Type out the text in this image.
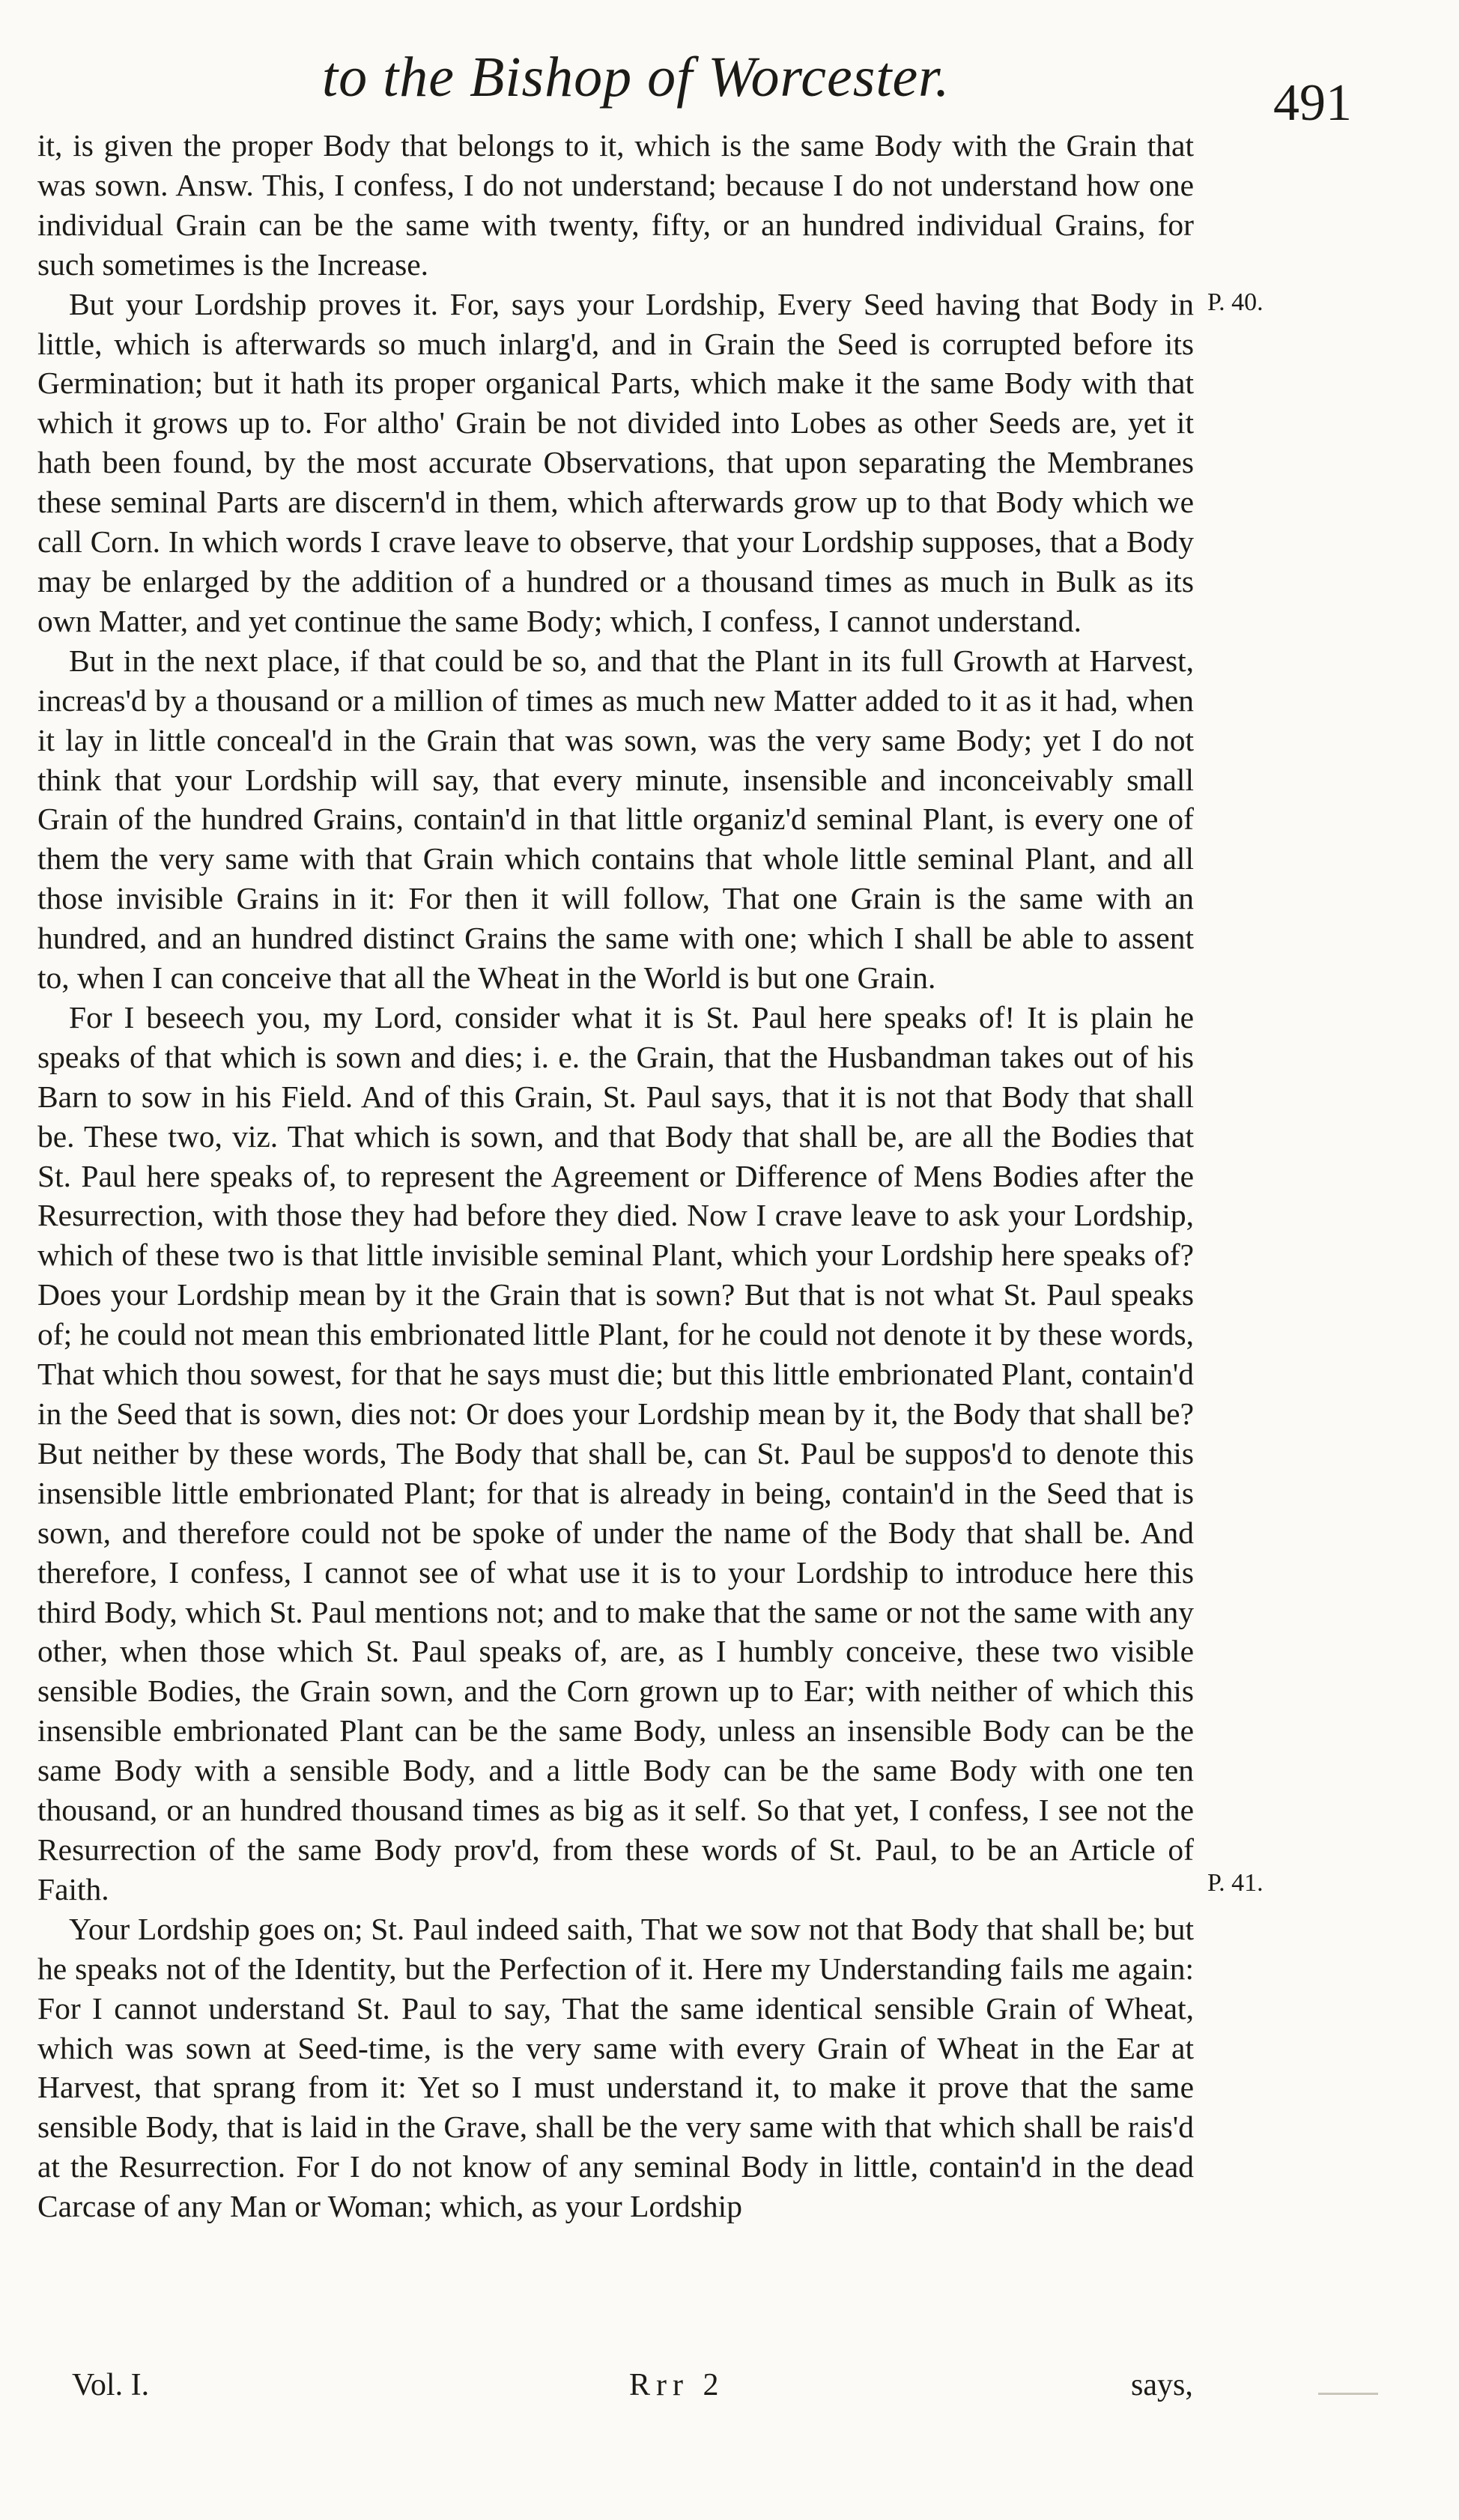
to the Bishop of Worcester.	491
P. 40.
P. 41.

it, is given the proper Body that belongs to it, which is the same Body with the Grain that was sown. Answ. This, I confess, I do not understand; because I do not understand how one individual Grain can be the same with twenty, fifty, or an hundred individual Grains, for such sometimes is the Increase.

But your Lordship proves it. For, says your Lordship, Every Seed having that Body in little, which is afterwards so much inlarg'd, and in Grain the Seed is corrupted before its Germination; but it hath its proper organical Parts, which make it the same Body with that which it grows up to. For altho' Grain be not divided into Lobes as other Seeds are, yet it hath been found, by the most accurate Observations, that upon separating the Membranes these seminal Parts are discern'd in them, which afterwards grow up to that Body which we call Corn. In which words I crave leave to observe, that your Lordship supposes, that a Body may be enlarged by the addition of a hundred or a thousand times as much in Bulk as its own Matter, and yet continue the same Body; which, I confess, I cannot understand.

But in the next place, if that could be so, and that the Plant in its full Growth at Harvest, increas'd by a thousand or a million of times as much new Matter added to it as it had, when it lay in little conceal'd in the Grain that was sown, was the very same Body; yet I do not think that your Lordship will say, that every minute, insensible and inconceivably small Grain of the hundred Grains, contain'd in that little organiz'd seminal Plant, is every one of them the very same with that Grain which contains that whole little seminal Plant, and all those invisible Grains in it: For then it will follow, That one Grain is the same with an hundred, and an hundred distinct Grains the same with one; which I shall be able to assent to, when I can conceive that all the Wheat in the World is but one Grain.

For I beseech you, my Lord, consider what it is St. Paul here speaks of! It is plain he speaks of that which is sown and dies; i. e. the Grain, that the Husbandman takes out of his Barn to sow in his Field. And of this Grain, St. Paul says, that it is not that Body that shall be. These two, viz. That which is sown, and that Body that shall be, are all the Bodies that St. Paul here speaks of, to represent the Agreement or Difference of Mens Bodies after the Resurrection, with those they had before they died. Now I crave leave to ask your Lordship, which of these two is that little invisible seminal Plant, which your Lordship here speaks of? Does your Lordship mean by it the Grain that is sown? But that is not what St. Paul speaks of; he could not mean this embrionated little Plant, for he could not denote it by these words, That which thou sowest, for that he says must die; but this little embrionated Plant, contain'd in the Seed that is sown, dies not: Or does your Lordship mean by it, the Body that shall be? But neither by these words, The Body that shall be, can St. Paul be suppos'd to denote this insensible little embrionated Plant; for that is already in being, contain'd in the Seed that is sown, and therefore could not be spoke of under the name of the Body that shall be. And therefore, I confess, I cannot see of what use it is to your Lordship to introduce here this third Body, which St. Paul mentions not; and to make that the same or not the same with any other, when those which St. Paul speaks of, are, as I humbly conceive, these two visible sensible Bodies, the Grain sown, and the Corn grown up to Ear; with neither of which this insensible embrionated Plant can be the same Body, unless an insensible Body can be the same Body with a sensible Body, and a little Body can be the same Body with one ten thousand, or an hundred thousand times as big as it self. So that yet, I confess, I see not the Resurrection of the same Body prov'd, from these words of St. Paul, to be an Article of Faith.

Your Lordship goes on; St. Paul indeed saith, That we sow not that Body that shall be; but he speaks not of the Identity, but the Perfection of it. Here my Understanding fails me again: For I cannot understand St. Paul to say, That the same identical sensible Grain of Wheat, which was sown at Seed-time, is the very same with every Grain of Wheat in the Ear at Harvest, that sprang from it: Yet so I must understand it, to make it prove that the same sensible Body, that is laid in the Grave, shall be the very same with that which shall be rais'd at the Resurrection. For I do not know of any seminal Body in little, contain'd in the dead Carcase of any Man or Woman; which, as your Lordship

Vol. I.	Rrr 2	says,
